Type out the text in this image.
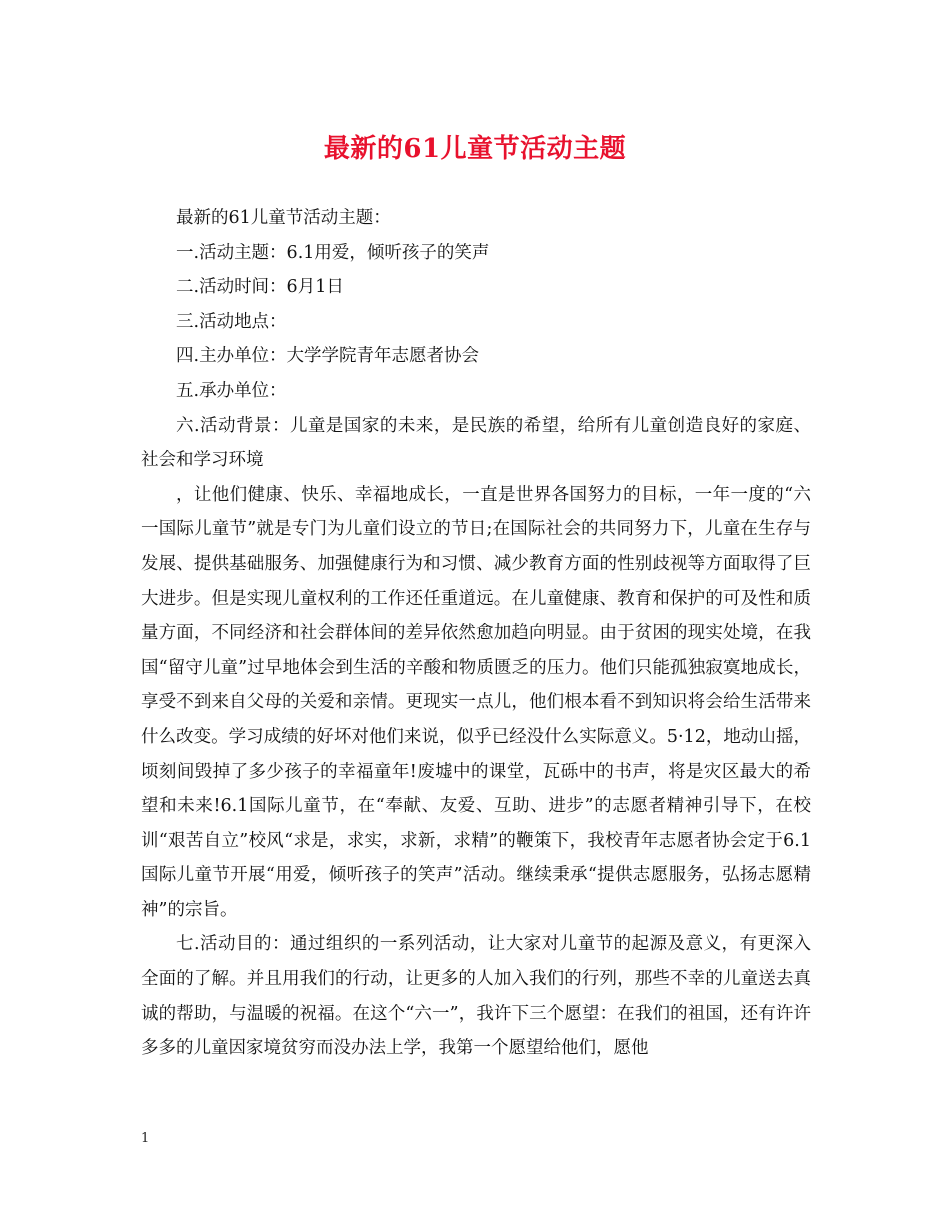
最新的61儿童节活动主题

最新的61儿童节活动主题：

一.活动主题：6.1用爱，倾听孩子的笑声

二.活动时间：6月1日

三.活动地点：

四.主办单位：大学学院青年志愿者协会

五.承办单位：

六.活动背景：儿童是国家的未来，是民族的希望，给所有儿童创造良好的家庭、社会和学习环境

，让他们健康、快乐、幸福地成长，一直是世界各国努力的目标，一年一度的“六一国际儿童节”就是专门为儿童们设立的节日;在国际社会的共同努力下，儿童在生存与发展、提供基础服务、加强健康行为和习惯、减少教育方面的性别歧视等方面取得了巨大进步。但是实现儿童权利的工作还任重道远。在儿童健康、教育和保护的可及性和质量方面，不同经济和社会群体间的差异依然愈加趋向明显。由于贫困的现实处境，在我国“留守儿童”过早地体会到生活的辛酸和物质匮乏的压力。他们只能孤独寂寞地成长，享受不到来自父母的关爱和亲情。更现实一点儿，他们根本看不到知识将会给生活带来什么改变。学习成绩的好坏对他们来说，似乎已经没什么实际意义。5·12，地动山摇，顷刻间毁掉了多少孩子的幸福童年!废墟中的课堂，瓦砾中的书声，将是灾区最大的希望和未来!6.1国际儿童节，在“奉献、友爱、互助、进步”的志愿者精神引导下，在校训“艰苦自立”校风“求是，求实，求新，求精”的鞭策下，我校青年志愿者协会定于6.1国际儿童节开展“用爱，倾听孩子的笑声”活动。继续秉承“提供志愿服务，弘扬志愿精神”的宗旨。

七.活动目的：通过组织的一系列活动，让大家对儿童节的起源及意义，有更深入全面的了解。并且用我们的行动，让更多的人加入我们的行列，那些不幸的儿童送去真诚的帮助，与温暖的祝福。在这个“六一”，我许下三个愿望：在我们的祖国，还有许许多多的儿童因家境贫穷而没办法上学，我第一个愿望给他们，愿他

1
